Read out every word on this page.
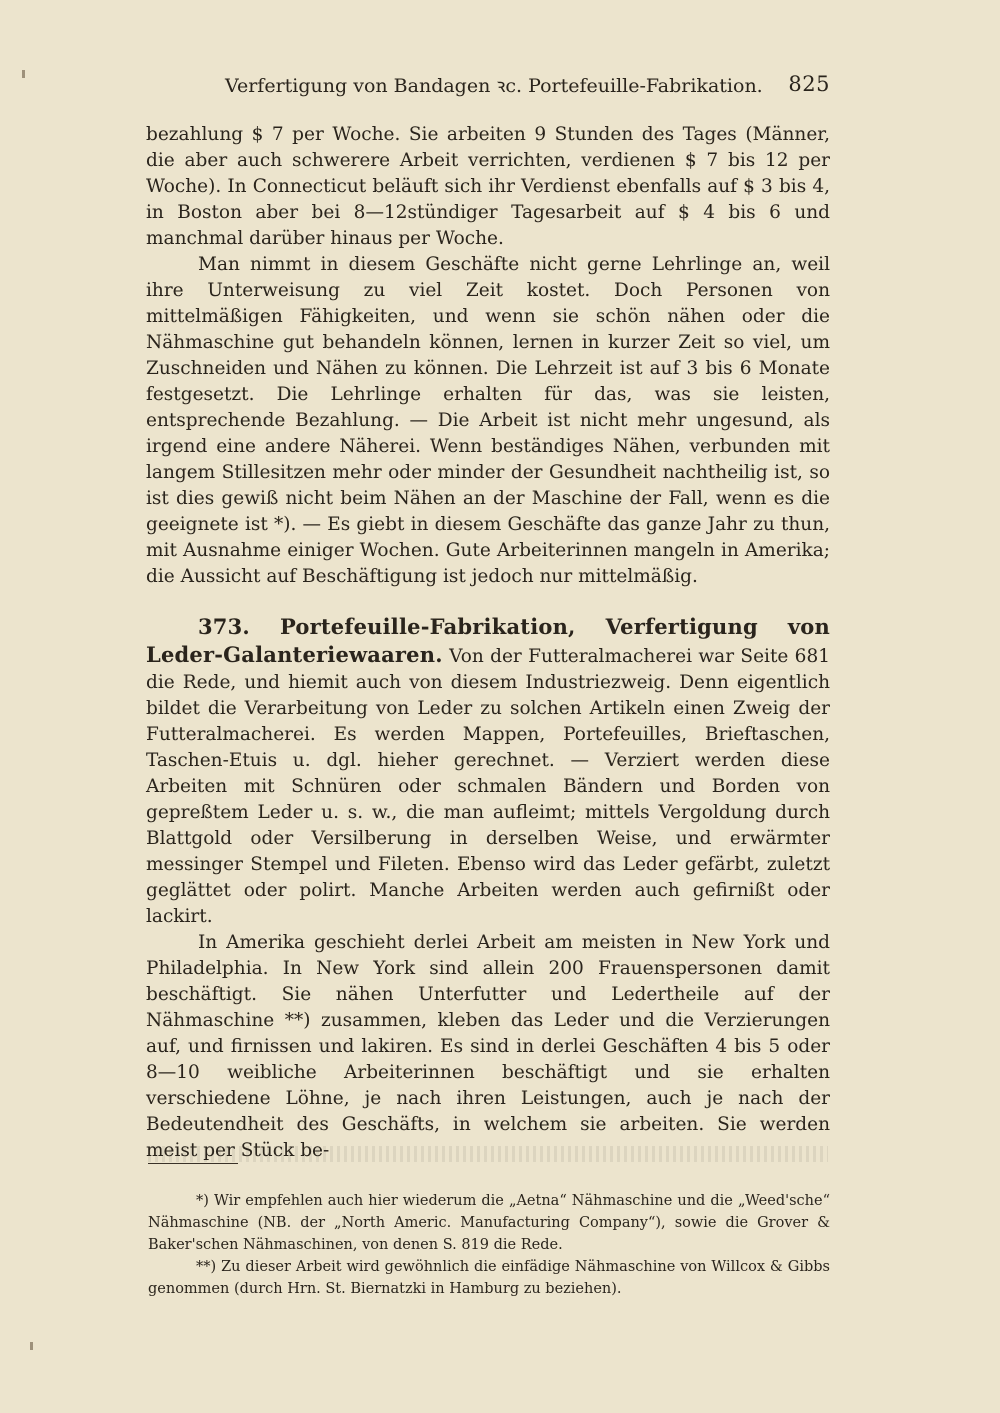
Verfertigung von Bandagen ꝛc. Portefeuille-Fabrikation. 825

bezahlung $ 7 per Woche. Sie arbeiten 9 Stunden des Tages (Männer, die aber auch schwerere Arbeit verrichten, verdienen $ 7 bis 12 per Woche). In Connecticut beläuft sich ihr Verdienst ebenfalls auf $ 3 bis 4, in Boston aber bei 8—12stündiger Tagesarbeit auf $ 4 bis 6 und manchmal darüber hinaus per Woche.

Man nimmt in diesem Geschäfte nicht gerne Lehrlinge an, weil ihre Unterweisung zu viel Zeit kostet. Doch Personen von mittelmäßigen Fähigkeiten, und wenn sie schön nähen oder die Nähmaschine gut behandeln können, lernen in kurzer Zeit so viel, um Zuschneiden und Nähen zu können. Die Lehrzeit ist auf 3 bis 6 Monate festgesetzt. Die Lehrlinge erhalten für das, was sie leisten, entsprechende Bezahlung. — Die Arbeit ist nicht mehr ungesund, als irgend eine andere Näherei. Wenn beständiges Nähen, verbunden mit langem Stillesitzen mehr oder minder der Gesundheit nachtheilig ist, so ist dies gewiß nicht beim Nähen an der Maschine der Fall, wenn es die geeignete ist *). — Es giebt in diesem Geschäfte das ganze Jahr zu thun, mit Ausnahme einiger Wochen. Gute Arbeiterinnen mangeln in Amerika; die Aussicht auf Beschäftigung ist jedoch nur mittelmäßig.

373. Portefeuille-Fabrikation, Verfertigung von Leder-Galanteriewaaren. Von der Futteralmacherei war Seite 681 die Rede, und hiemit auch von diesem Industriezweig. Denn eigentlich bildet die Verarbeitung von Leder zu solchen Artikeln einen Zweig der Futteralmacherei. Es werden Mappen, Portefeuilles, Brieftaschen, Taschen-Etuis u. dgl. hieher gerechnet. — Verziert werden diese Arbeiten mit Schnüren oder schmalen Bändern und Borden von gepreßtem Leder u. s. w., die man aufleimt; mittels Vergoldung durch Blattgold oder Versilberung in derselben Weise, und erwärmter messinger Stempel und Fileten. Ebenso wird das Leder gefärbt, zuletzt geglättet oder polirt. Manche Arbeiten werden auch gefirnißt oder lackirt.

In Amerika geschieht derlei Arbeit am meisten in New York und Philadelphia. In New York sind allein 200 Frauenspersonen damit beschäftigt. Sie nähen Unterfutter und Ledertheile auf der Nähmaschine **) zusammen, kleben das Leder und die Verzierungen auf, und firnissen und lakiren. Es sind in derlei Geschäften 4 bis 5 oder 8—10 weibliche Arbeiterinnen beschäftigt und sie erhalten verschiedene Löhne, je nach ihren Leistungen, auch je nach der Bedeutendheit des Geschäfts, in welchem sie arbeiten. Sie werden meist per Stück be-

*) Wir empfehlen auch hier wiederum die „Aetna“ Nähmaschine und die „Weed'sche“ Nähmaschine (NB. der „North Americ. Manufacturing Company“), sowie die Grover & Baker'schen Nähmaschinen, von denen S. 819 die Rede.

**) Zu dieser Arbeit wird gewöhnlich die einfädige Nähmaschine von Willcox & Gibbs genommen (durch Hrn. St. Biernatzki in Hamburg zu beziehen).
